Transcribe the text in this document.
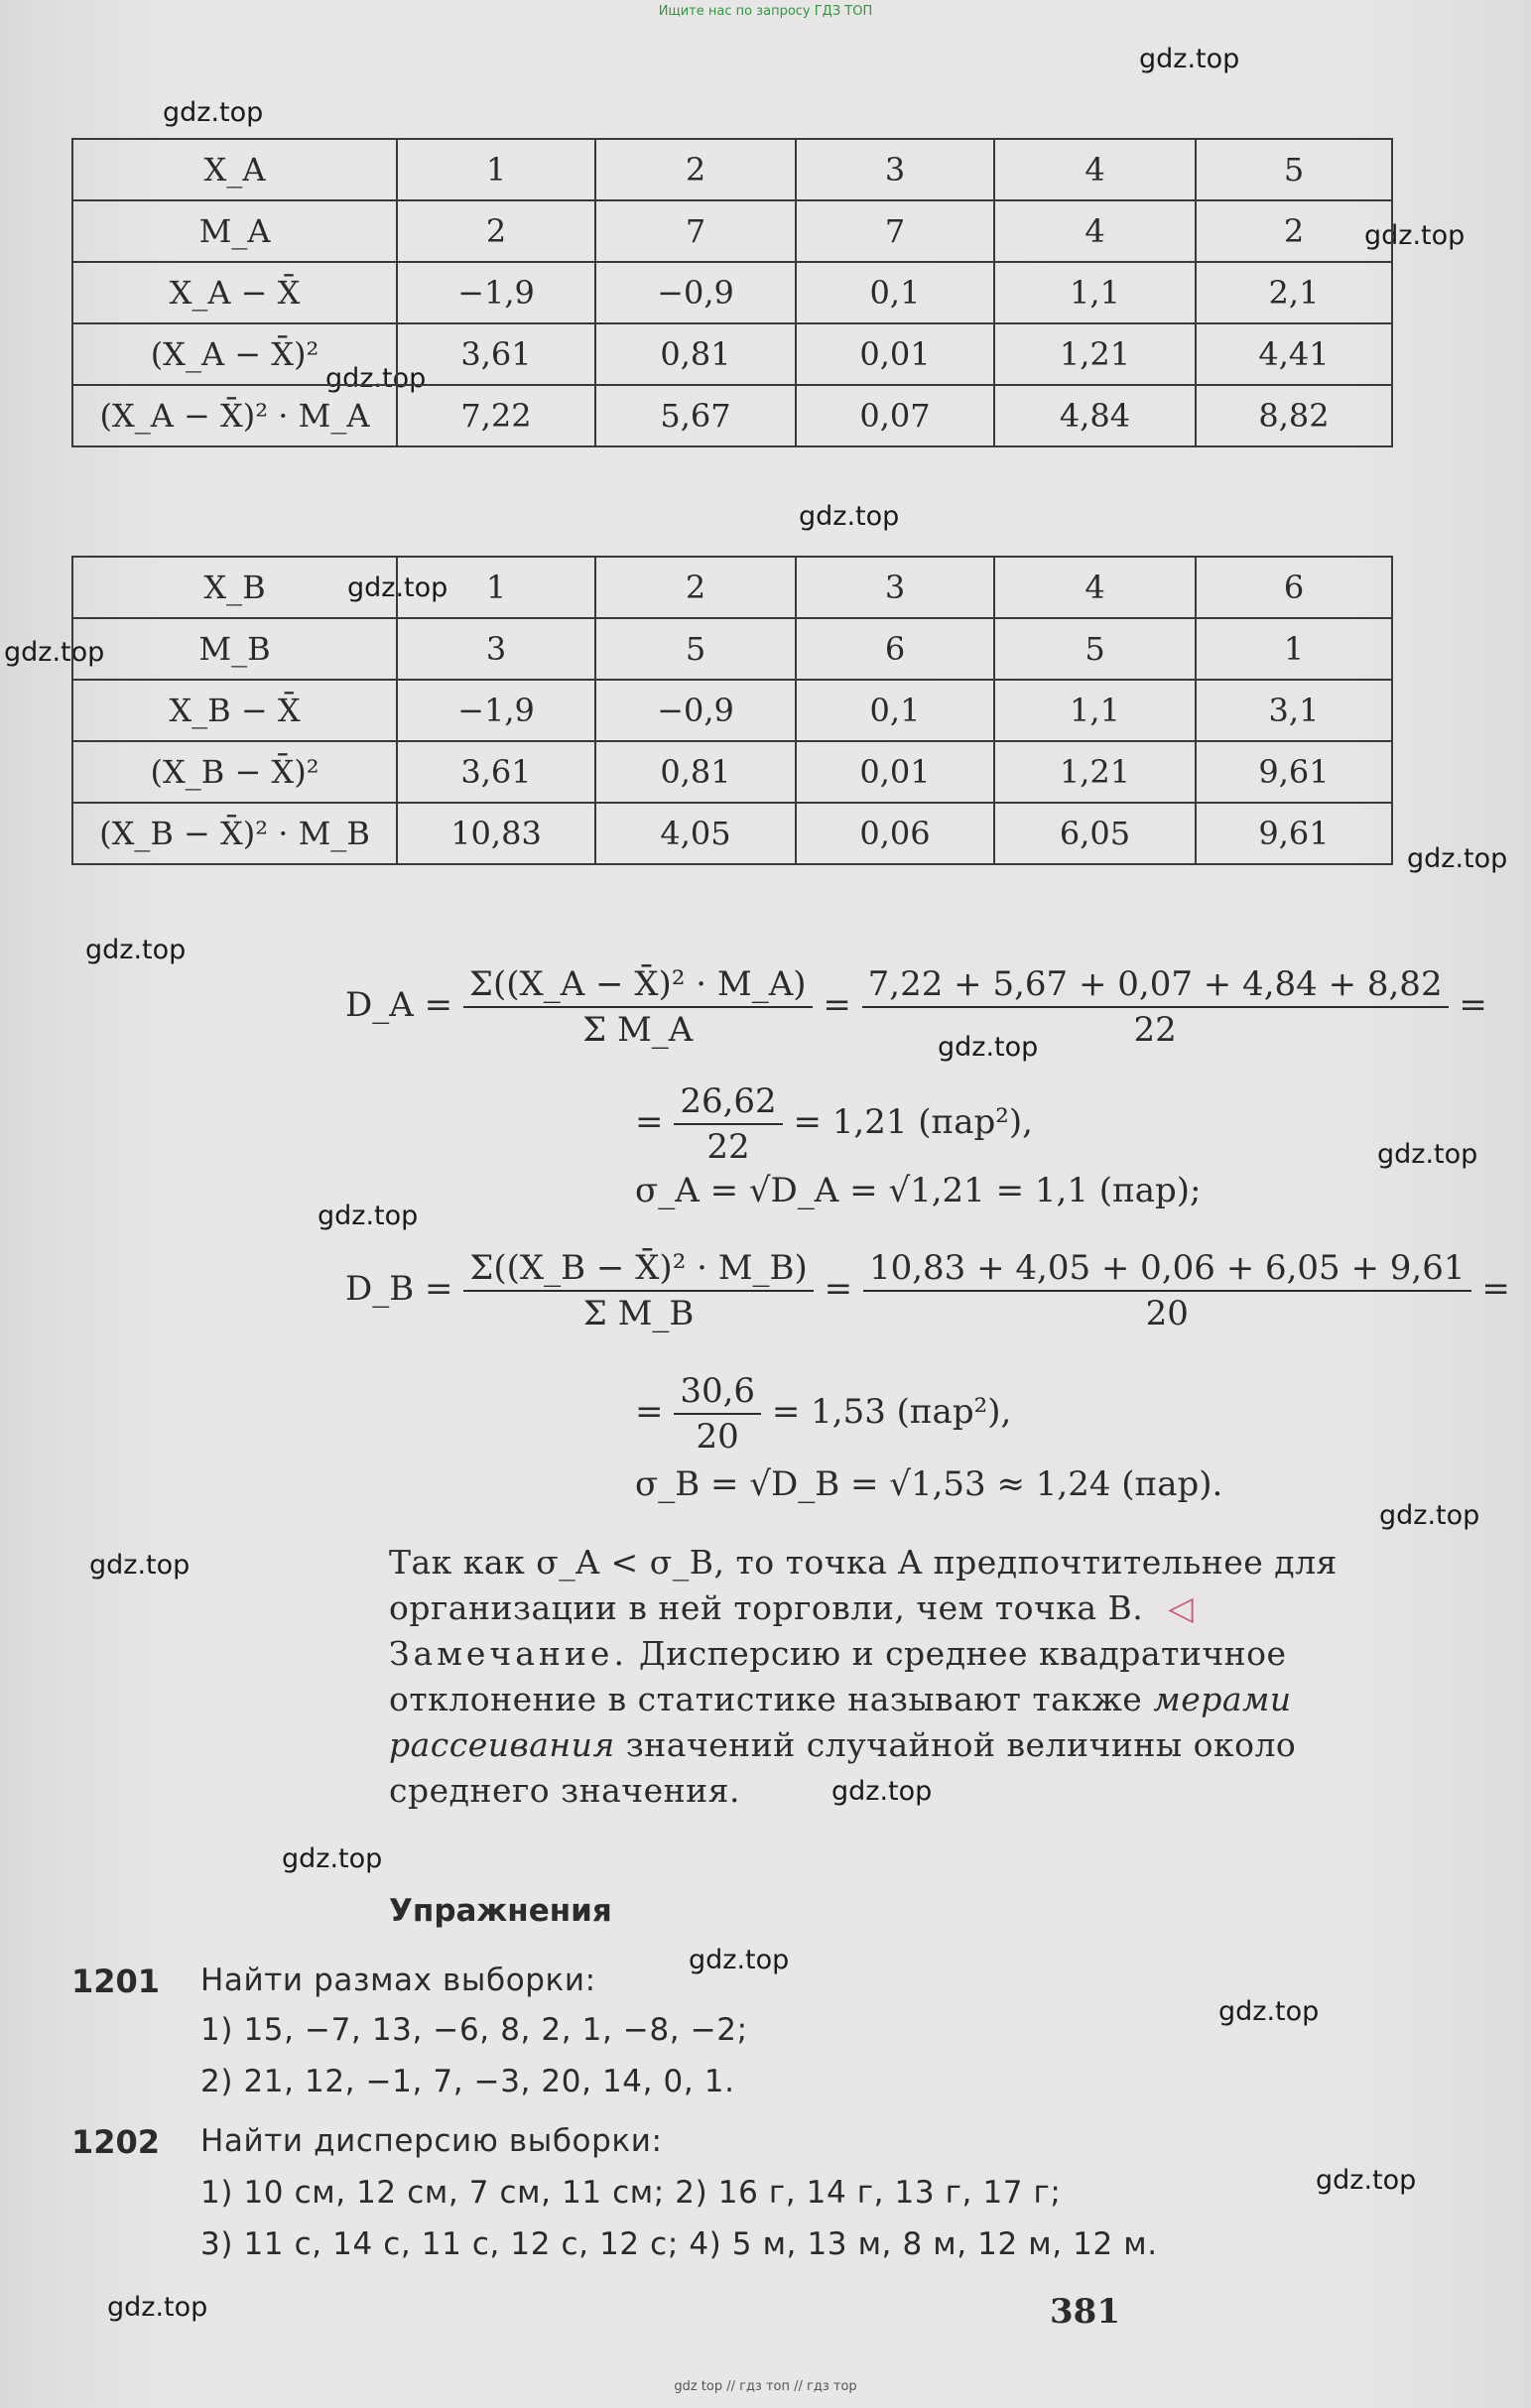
Ищите нас по запросу ГДЗ ТОП
gdz.top
gdz.top
gdz.top
gdz.top
gdz.top
gdz.top
gdz.top
gdz.top
gdz.top
gdz.top
gdz.top
gdz.top
gdz.top
gdz.top
gdz.top
gdz.top
gdz.top
gdz.top
gdz.top
gdz.top
X_A	1	2	3	4	5
M_A	2	7	7	4	2
X_A − X̄	−1,9	−0,9	0,1	1,1	2,1
(X_A − X̄)²	3,61	0,81	0,01	1,21	4,41
(X_A − X̄)² · M_A	7,22	5,67	0,07	4,84	8,82
X_B	1	2	3	4	6
M_B	3	5	6	5	1
X_B − X̄	−1,9	−0,9	0,1	1,1	3,1
(X_B − X̄)²	3,61	0,81	0,01	1,21	9,61
(X_B − X̄)² · M_B	10,83	4,05	0,06	6,05	9,61
D_A = $\frac{\text{Σ((X\_A − X̄)² · M\_A)}}{\text{Σ M\_A}} = \frac{7,22 + 5,67 + 0,07 + 4,84 + 8,82}{22}$ =
= $\frac{26,62}{22} = 1,21$ (пар²),
σ_A = √D_A = √1,21 = 1,1 (пар);
D_B = $\frac{\text{Σ((X\_B − X̄)² · M\_B)}}{\text{Σ M\_B}} = \frac{10,83 + 4,05 + 0,06 + 6,05 + 9,61}{20}$ =
= $\frac{30,6}{20} = 1,53$ (пар²),
σ_B = √D_B = √1,53 ≈ 1,24 (пар).
Так как σ_A < σ_B, то точка A предпочтительнее для
организации в ней торговли, чем точка B. ◁
Замечание. Дисперсию и среднее квадратичное
отклонение в статистике называют также мерами
рассеивания значений случайной величины около
среднего значения.
Упражнения
1201 Найти размах выборки:
1) 15, −7, 13, −6, 8, 2, 1, −8, −2;
2) 21, 12, −1, 7, −3, 20, 14, 0, 1.
1202 Найти дисперсию выборки:
1) 10 см, 12 см, 7 см, 11 см; 2) 16 г, 14 г, 13 г, 17 г;
3) 11 с, 14 с, 11 с, 12 с, 12 с; 4) 5 м, 13 м, 8 м, 12 м, 12 м.
381
gdz top // гдз топ // гдз тор
